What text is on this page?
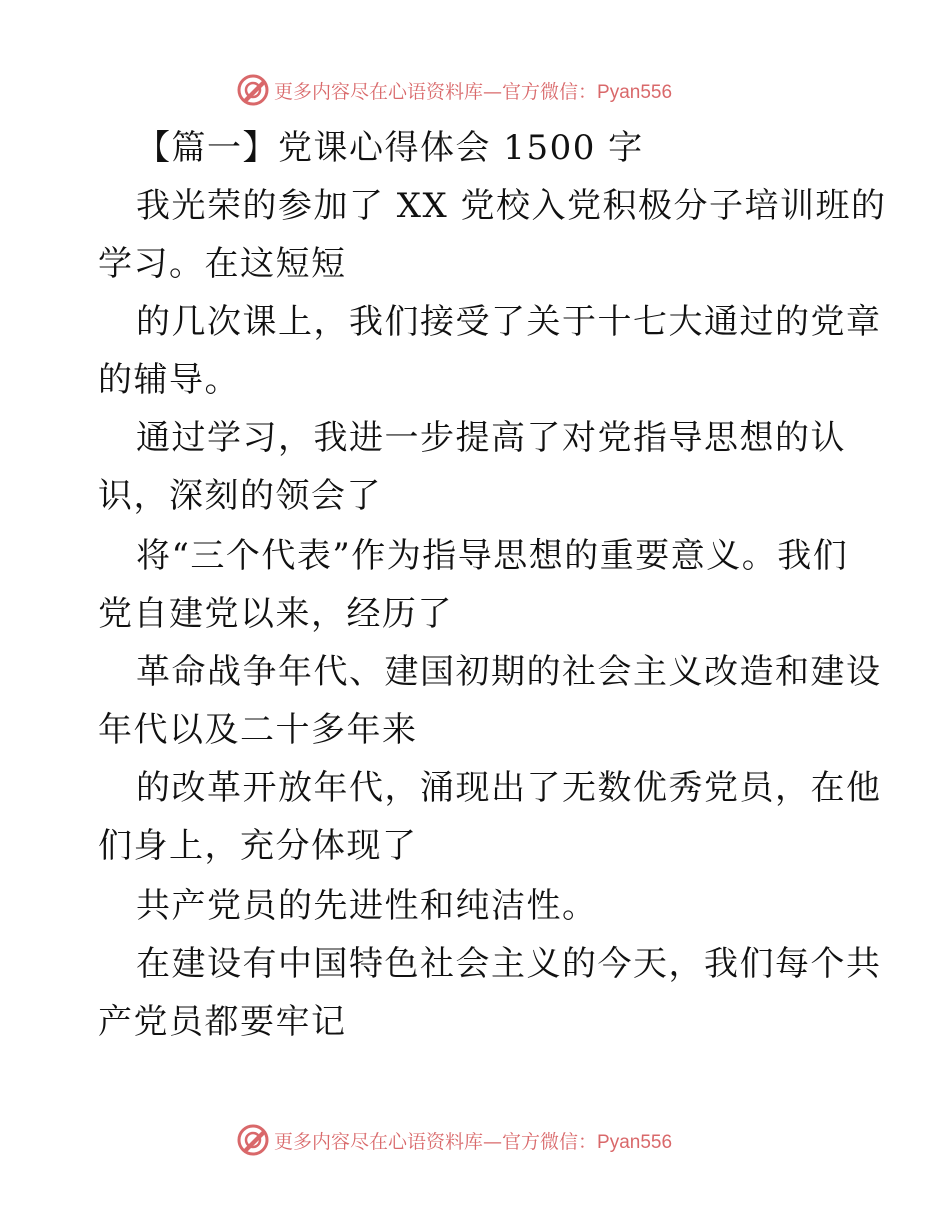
更多内容尽在心语资料库—官方微信：Pyan556
【篇一】党课心得体会 1500 字
我光荣的参加了 XX 党校入党积极分子培训班的
学习。在这短短
的几次课上，我们接受了关于十七大通过的党章
的辅导。
通过学习，我进一步提高了对党指导思想的认
识，深刻的领会了
将“三个代表”作为指导思想的重要意义。我们
党自建党以来，经历了
革命战争年代、建国初期的社会主义改造和建设
年代以及二十多年来
的改革开放年代，涌现出了无数优秀党员，在他
们身上，充分体现了
共产党员的先进性和纯洁性。
在建设有中国特色社会主义的今天，我们每个共
产党员都要牢记
更多内容尽在心语资料库—官方微信：Pyan556
